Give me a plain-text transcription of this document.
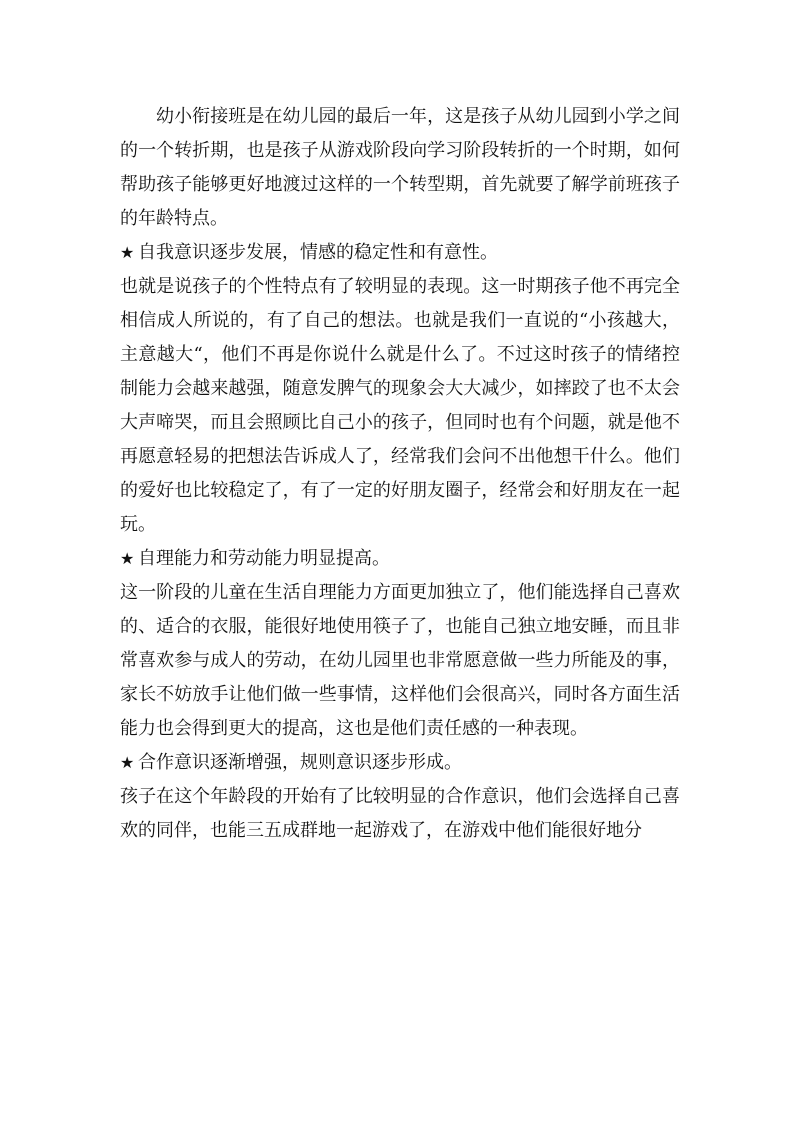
幼小衔接班是在幼儿园的最后一年，这是孩子从幼儿园到小学之间的一个转折期，也是孩子从游戏阶段向学习阶段转折的一个时期，如何帮助孩子能够更好地渡过这样的一个转型期，首先就要了解学前班孩子的年龄特点。

★ 自我意识逐步发展，情感的稳定性和有意性。

也就是说孩子的个性特点有了较明显的表现。这一时期孩子他不再完全相信成人所说的，有了自己的想法。也就是我们一直说的“小孩越大，主意越大“，他们不再是你说什么就是什么了。不过这时孩子的情绪控制能力会越来越强，随意发脾气的现象会大大减少，如摔跤了也不太会大声啼哭，而且会照顾比自己小的孩子，但同时也有个问题，就是他不再愿意轻易的把想法告诉成人了，经常我们会问不出他想干什么。他们的爱好也比较稳定了，有了一定的好朋友圈子，经常会和好朋友在一起玩。

★ 自理能力和劳动能力明显提高。

这一阶段的儿童在生活自理能力方面更加独立了，他们能选择自己喜欢的、适合的衣服，能很好地使用筷子了，也能自己独立地安睡，而且非常喜欢参与成人的劳动，在幼儿园里也非常愿意做一些力所能及的事，家长不妨放手让他们做一些事情，这样他们会很高兴，同时各方面生活能力也会得到更大的提高，这也是他们责任感的一种表现。

★ 合作意识逐渐增强，规则意识逐步形成。

孩子在这个年龄段的开始有了比较明显的合作意识，他们会选择自己喜欢的同伴，也能三五成群地一起游戏了，在游戏中他们能很好地分
